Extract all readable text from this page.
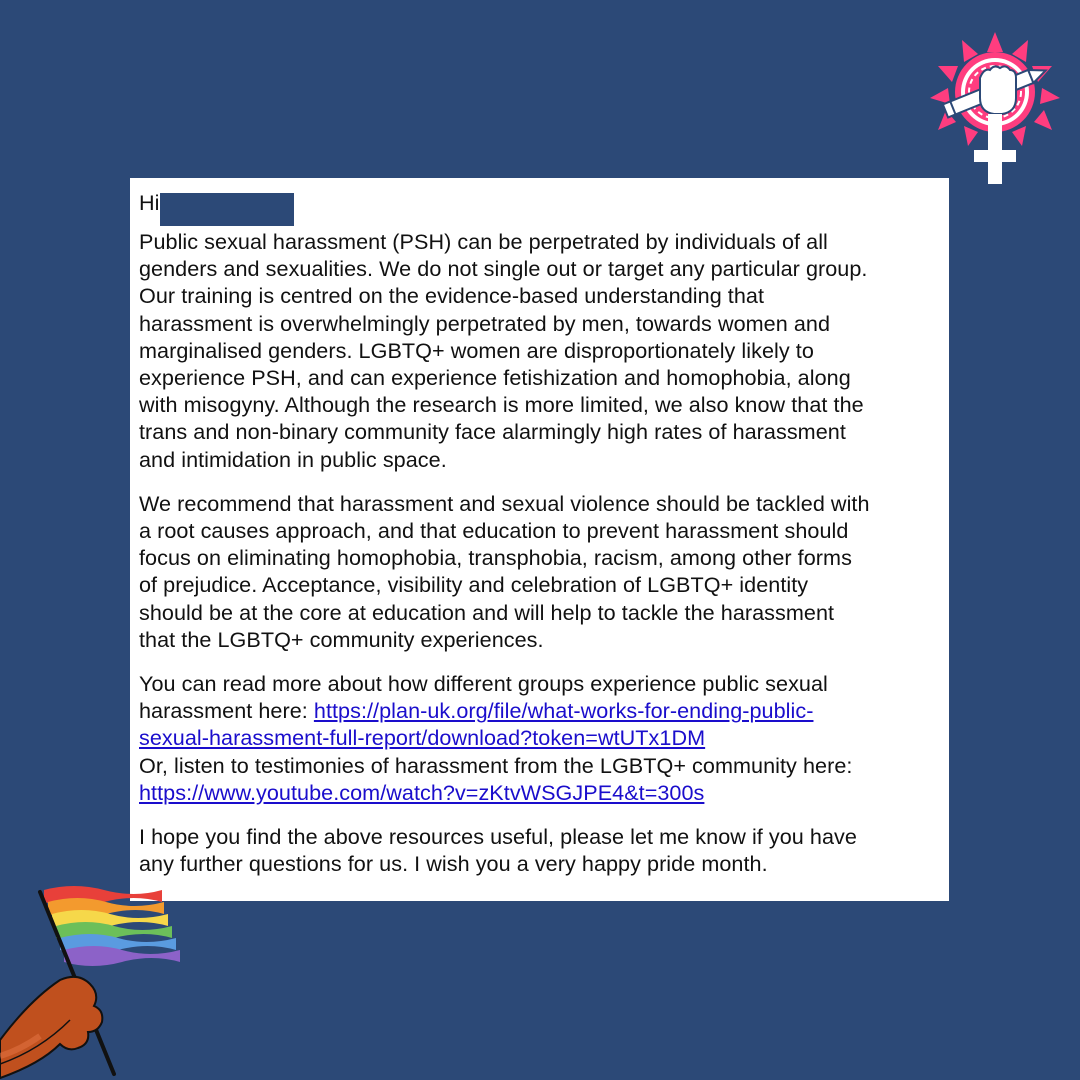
Hi

Public sexual harassment (PSH) can be perpetrated by individuals of all
genders and sexualities. We do not single out or target any particular group.
Our training is centred on the evidence-based understanding that
harassment is overwhelmingly perpetrated by men, towards women and
marginalised genders. LGBTQ+ women are disproportionately likely to
experience PSH, and can experience fetishization and homophobia, along
with misogyny. Although the research is more limited, we also know that the
trans and non-binary community face alarmingly high rates of harassment
and intimidation in public space.

We recommend that harassment and sexual violence should be tackled with
a root causes approach, and that education to prevent harassment should
focus on eliminating homophobia, transphobia, racism, among other forms
of prejudice. Acceptance, visibility and celebration of LGBTQ+ identity
should be at the core at education and will help to tackle the harassment
that the LGBTQ+ community experiences.

You can read more about how different groups experience public sexual
harassment here: https://plan-uk.org/file/what-works-for-ending-public-
sexual-harassment-full-report/download?token=wtUTx1DM
Or, listen to testimonies of harassment from the LGBTQ+ community here:
https://www.youtube.com/watch?v=zKtvWSGJPE4&t=300s

I hope you find the above resources useful, please let me know if you have
any further questions for us. I wish you a very happy pride month.
